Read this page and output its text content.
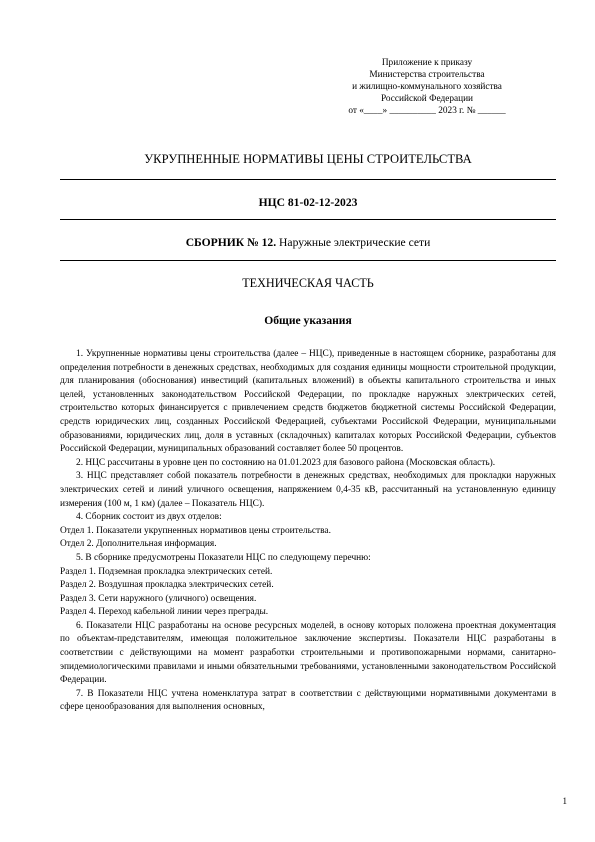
Приложение к приказу
Министерства строительства
и жилищно-коммунального хозяйства
Российской Федерации
от «____» __________ 2023 г. № ______
УКРУПНЕННЫЕ НОРМАТИВЫ ЦЕНЫ СТРОИТЕЛЬСТВА
НЦС 81-02-12-2023
СБОРНИК № 12. Наружные электрические сети
ТЕХНИЧЕСКАЯ ЧАСТЬ
Общие указания

1. Укрупненные нормативы цены строительства (далее – НЦС), приведенные в настоящем сборнике, разработаны для определения потребности в денежных средствах, необходимых для создания единицы мощности строительной продукции, для планирования (обоснования) инвестиций (капитальных вложений) в объекты капитального строительства и иных целей, установленных законодательством Российской Федерации, по прокладке наружных электрических сетей, строительство которых финансируется с привлечением средств бюджетов бюджетной системы Российской Федерации, средств юридических лиц, созданных Российской Федерацией, субъектами Российской Федерации, муниципальными образованиями, юридических лиц, доля в уставных (складочных) капиталах которых Российской Федерации, субъектов Российской Федерации, муниципальных образований составляет более 50 процентов.

2. НЦС рассчитаны в уровне цен по состоянию на 01.01.2023 для базового района (Московская область).

3. НЦС представляет собой показатель потребности в денежных средствах, необходимых для прокладки наружных электрических сетей и линий уличного освещения, напряжением 0,4-35 кВ, рассчитанный на установленную единицу измерения (100 м, 1 км) (далее – Показатель НЦС).

4. Сборник состоит из двух отделов:

Отдел 1. Показатели укрупненных нормативов цены строительства.

Отдел 2. Дополнительная информация.

5. В сборнике предусмотрены Показатели НЦС по следующему перечню:

Раздел 1. Подземная прокладка электрических сетей.

Раздел 2. Воздушная прокладка электрических сетей.

Раздел 3. Сети наружного (уличного) освещения.

Раздел 4. Переход кабельной линии через преграды.

6. Показатели НЦС разработаны на основе ресурсных моделей, в основу которых положена проектная документация по объектам-представителям, имеющая положительное заключение экспертизы. Показатели НЦС разработаны в соответствии с действующими на момент разработки строительными и противопожарными нормами, санитарно-эпидемиологическими правилами и иными обязательными требованиями, установленными законодательством Российской Федерации.

7. В Показатели НЦС учтена номенклатура затрат в соответствии с действующими нормативными документами в сфере ценообразования для выполнения основных,

1
